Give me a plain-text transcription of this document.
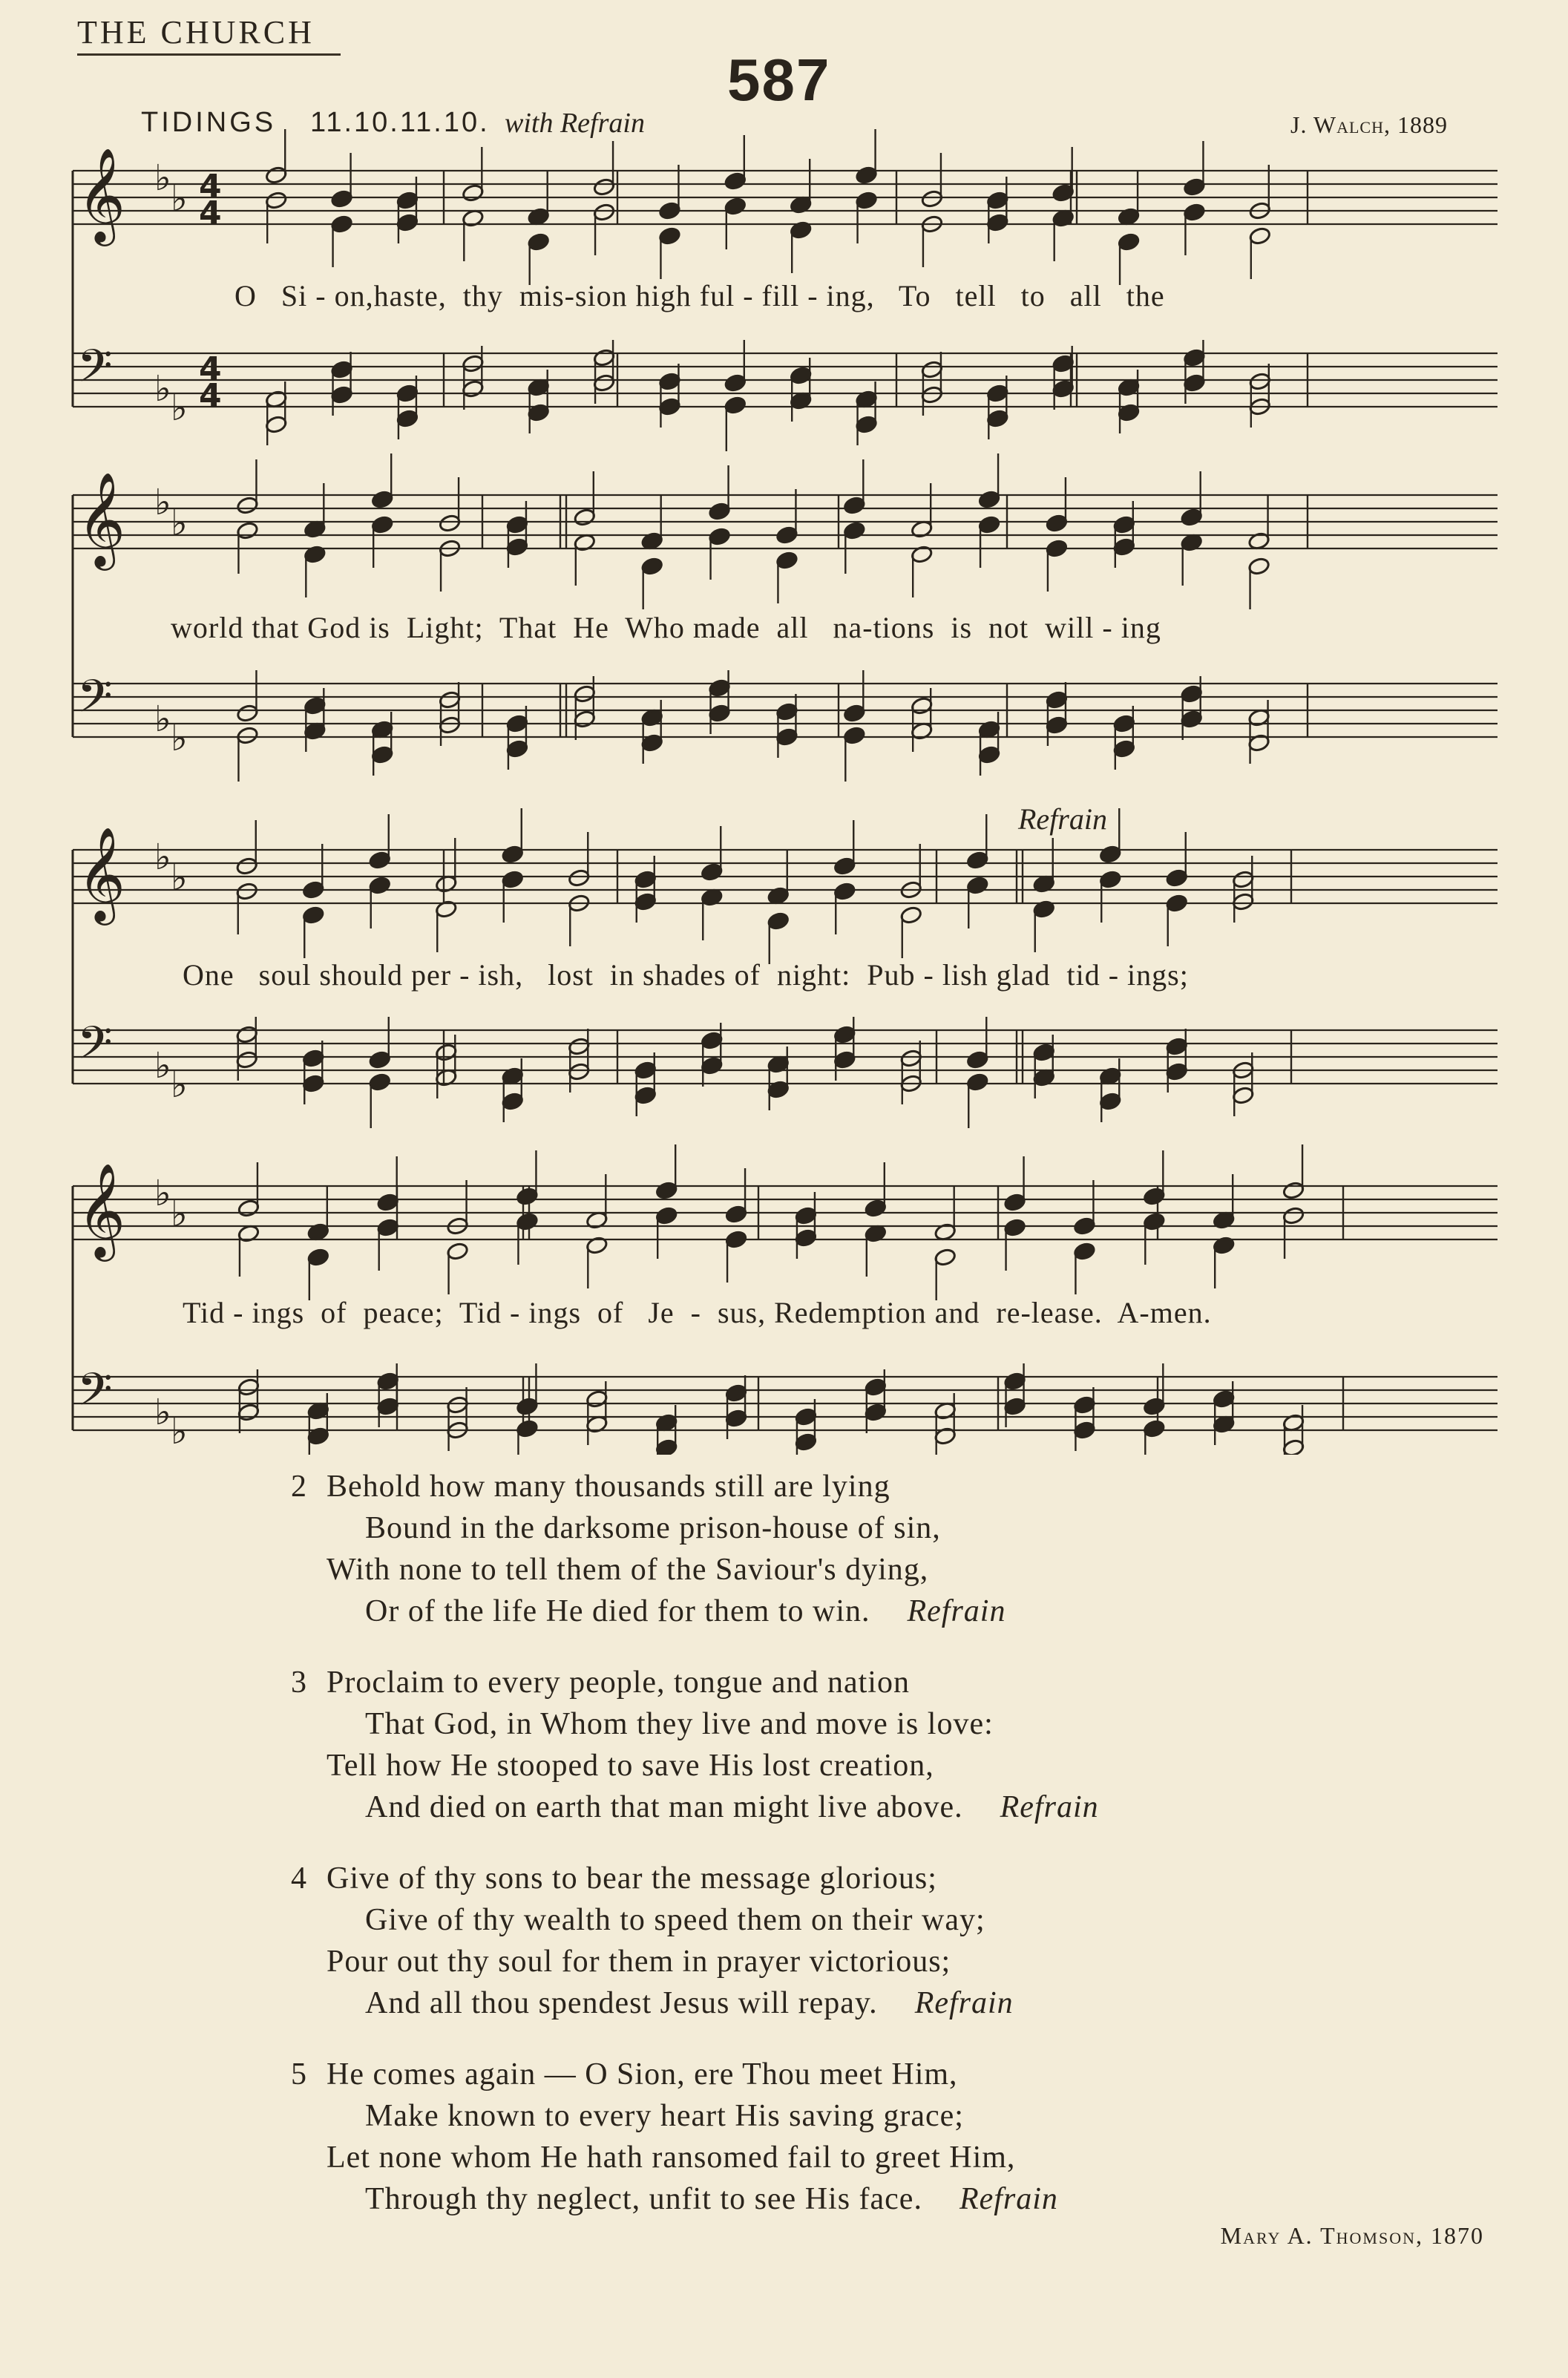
THE CHURCH
587
TIDINGS 11.10.11.10. with Refrain	J. Walch, 1889
𝄞 ♭ ♭ 4
4
𝄢 ♭ ♭
4
4
𝄞 ♭ ♭
𝄢 ♭ ♭
𝄞 ♭ ♭
𝄢 ♭ ♭
𝄞 ♭ ♭
𝄢 ♭ ♭
O   Si - on,haste,  thy  mis-sion high ful - fill - ing,   To   tell   to   all   the
world that God is  Light;  That  He  Who made  all   na-tions  is  not  will - ing
One   soul should per - ish,   lost  in shades of  night:  Pub - lish glad  tid - ings;
Tid - ings  of  peace;  Tid - ings  of   Je  -  sus, Redemption and  re-lease.  A-men.
Refrain
2 Behold how many thousands still are lying
Bound in the darksome prison-house of sin,
With none to tell them of the Saviour's dying,
Or of the life He died for them to win. Refrain
3 Proclaim to every people, tongue and nation
That God, in Whom they live and move is love:
Tell how He stooped to save His lost creation,
And died on earth that man might live above. Refrain
4 Give of thy sons to bear the message glorious;
Give of thy wealth to speed them on their way;
Pour out thy soul for them in prayer victorious;
And all thou spendest Jesus will repay. Refrain
5 He comes again — O Sion, ere Thou meet Him,
Make known to every heart His saving grace;
Let none whom He hath ransomed fail to greet Him,
Through thy neglect, unfit to see His face. Refrain
Mary A. Thomson, 1870
